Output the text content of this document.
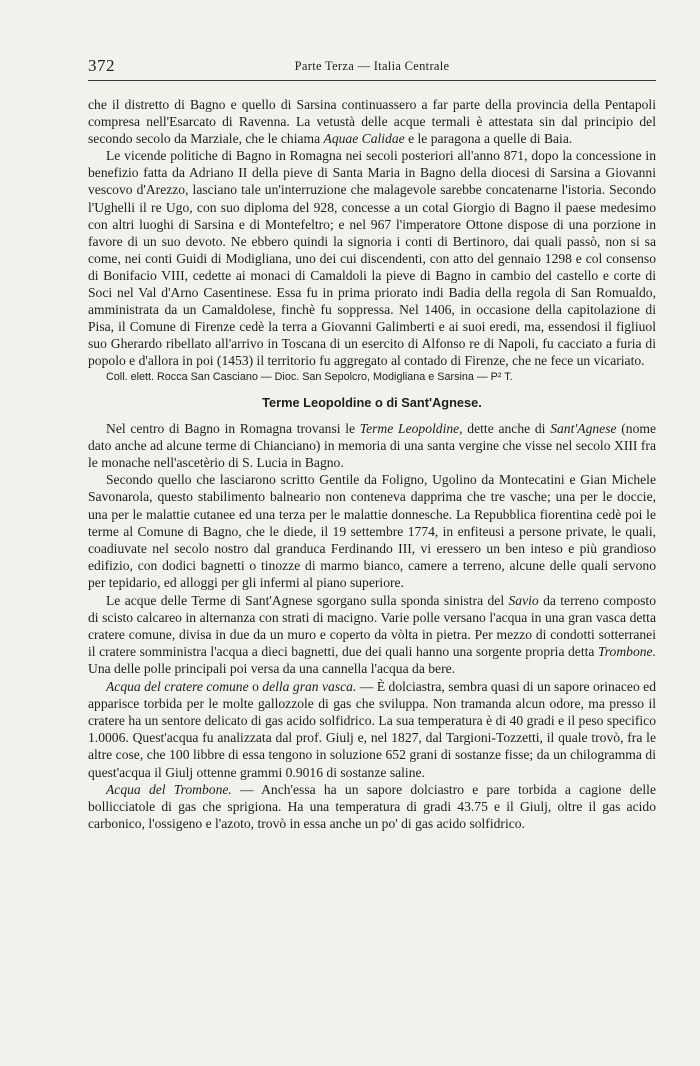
372	Parte Terza — Italia Centrale

che il distretto di Bagno e quello di Sarsina continuassero a far parte della provincia della Pentapoli compresa nell'Esarcato di Ravenna. La vetustà delle acque termali è attestata sin dal principio del secondo secolo da Marziale, che le chiama Aquae Calidae e le paragona a quelle di Baia.

Le vicende politiche di Bagno in Romagna nei secoli posteriori all'anno 871, dopo la concessione in benefizio fatta da Adriano II della pieve di Santa Maria in Bagno della diocesi di Sarsina a Giovanni vescovo d'Arezzo, lasciano tale un'interruzione che malagevole sarebbe concatenarne l'istoria. Secondo l'Ughelli il re Ugo, con suo diploma del 928, concesse a un cotal Giorgio di Bagno il paese medesimo con altri luoghi di Sarsina e di Montefeltro; e nel 967 l'imperatore Ottone dispose di una porzione in favore di un suo devoto. Ne ebbero quindi la signoria i conti di Bertinoro, dai quali passò, non si sa come, nei conti Guidi di Modigliana, uno dei cui discendenti, con atto del gennaio 1298 e col consenso di Bonifacio VIII, cedette ai monaci di Camaldoli la pieve di Bagno in cambio del castello e corte di Soci nel Val d'Arno Casentinese. Essa fu in prima priorato indi Badia della regola di San Romualdo, amministrata da un Camaldolese, finchè fu soppressa. Nel 1406, in occasione della capitolazione di Pisa, il Comune di Firenze cedè la terra a Giovanni Galimberti e ai suoi eredi, ma, essendosi il figliuol suo Gherardo ribellato all'arrivo in Toscana di un esercito di Alfonso re di Napoli, fu cacciato a furia di popolo e d'allora in poi (1453) il territorio fu aggregato al contado di Firenze, che ne fece un vicariato.

Coll. elett. Rocca San Casciano — Dioc. San Sepolcro, Modigliana e Sarsina — P² T.

Terme Leopoldine o di Sant'Agnese.

Nel centro di Bagno in Romagna trovansi le Terme Leopoldine, dette anche di Sant'Agnese (nome dato anche ad alcune terme di Chianciano) in memoria di una santa vergine che visse nel secolo XIII fra le monache nell'ascetèrio di S. Lucia in Bagno.

Secondo quello che lasciarono scritto Gentile da Foligno, Ugolino da Montecatini e Gian Michele Savonarola, questo stabilimento balneario non conteneva dapprima che tre vasche; una per le doccie, una per le malattie cutanee ed una terza per le malattie donnesche. La Repubblica fiorentina cedè poi le terme al Comune di Bagno, che le diede, il 19 settembre 1774, in enfiteusi a persone private, le quali, coadiuvate nel secolo nostro dal granduca Ferdinando III, vi eressero un ben inteso e più grandioso edifizio, con dodici bagnetti o tinozze di marmo bianco, camere a terreno, alcune delle quali servono per tepidario, ed alloggi per gli infermi al piano superiore.

Le acque delle Terme di Sant'Agnese sgorgano sulla sponda sinistra del Savio da terreno composto di scisto calcareo in alternanza con strati di macigno. Varie polle versano l'acqua in una gran vasca detta cratere comune, divisa in due da un muro e coperto da vòlta in pietra. Per mezzo di condotti sotterranei il cratere somministra l'acqua a dieci bagnetti, due dei quali hanno una sorgente propria detta Trombone. Una delle polle principali poi versa da una cannella l'acqua da bere.

Acqua del cratere comune o della gran vasca. — È dolciastra, sembra quasi di un sapore orinaceo ed apparisce torbida per le molte gallozzole di gas che sviluppa. Non tramanda alcun odore, ma presso il cratere ha un sentore delicato di gas acido solfidrico. La sua temperatura è di 40 gradi e il peso specifico 1.0006. Quest'acqua fu analizzata dal prof. Giulj e, nel 1827, dal Targioni-Tozzetti, il quale trovò, fra le altre cose, che 100 libbre di essa tengono in soluzione 652 grani di sostanze fisse; da un chilogramma di quest'acqua il Giulj ottenne grammi 0.9016 di sostanze saline.

Acqua del Trombone. — Anch'essa ha un sapore dolciastro e pare torbida a cagione delle bollicciatole di gas che sprigiona. Ha una temperatura di gradi 43.75 e il Giulj, oltre il gas acido carbonico, l'ossigeno e l'azoto, trovò in essa anche un po' di gas acido solfidrico.
